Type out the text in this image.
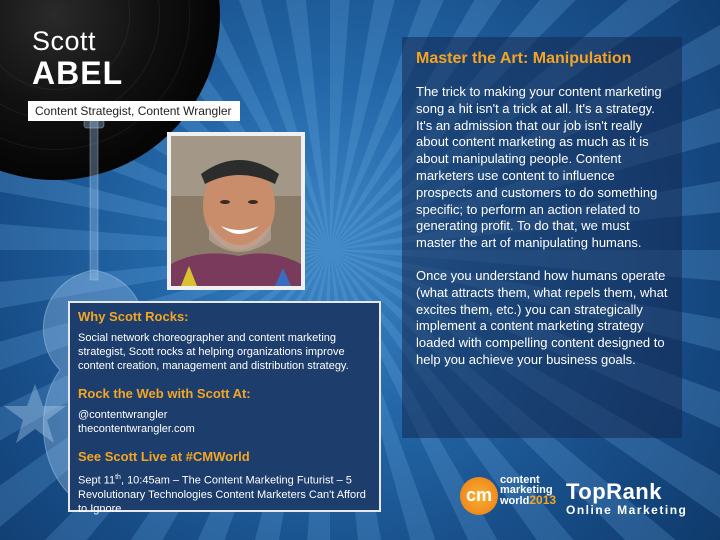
Scott
ABEL
Content Strategist, Content Wrangler
Why Scott Rocks:

Social network choreographer and content marketing strategist, Scott rocks at helping organizations improve content creation, management and distribution strategy.

Rock the Web with Scott At:

@contentwrangler

thecontentwrangler.com

See Scott Live at #CMWorld

Sept 11th, 10:45am – The Content Marketing Futurist – 5 Revolutionary Technologies Content Marketers Can't Afford to Ignore

Master the Art: Manipulation

The trick to making your content marketing song a hit isn't a trick at all. It's a strategy. It's an admission that our job isn't really about content marketing as much as it is about manipulating people. Content marketers use content to influence prospects and customers to do something specific; to perform an action related to generating profit. To do that, we must master the art of manipulating humans.

Once you understand how humans operate (what attracts them, what repels them, what excites them, etc.) you can strategically implement a content marketing strategy loaded with compelling content designed to help you achieve your business goals.

cm
content
marketing
world2013 TopRank
Online Marketing
